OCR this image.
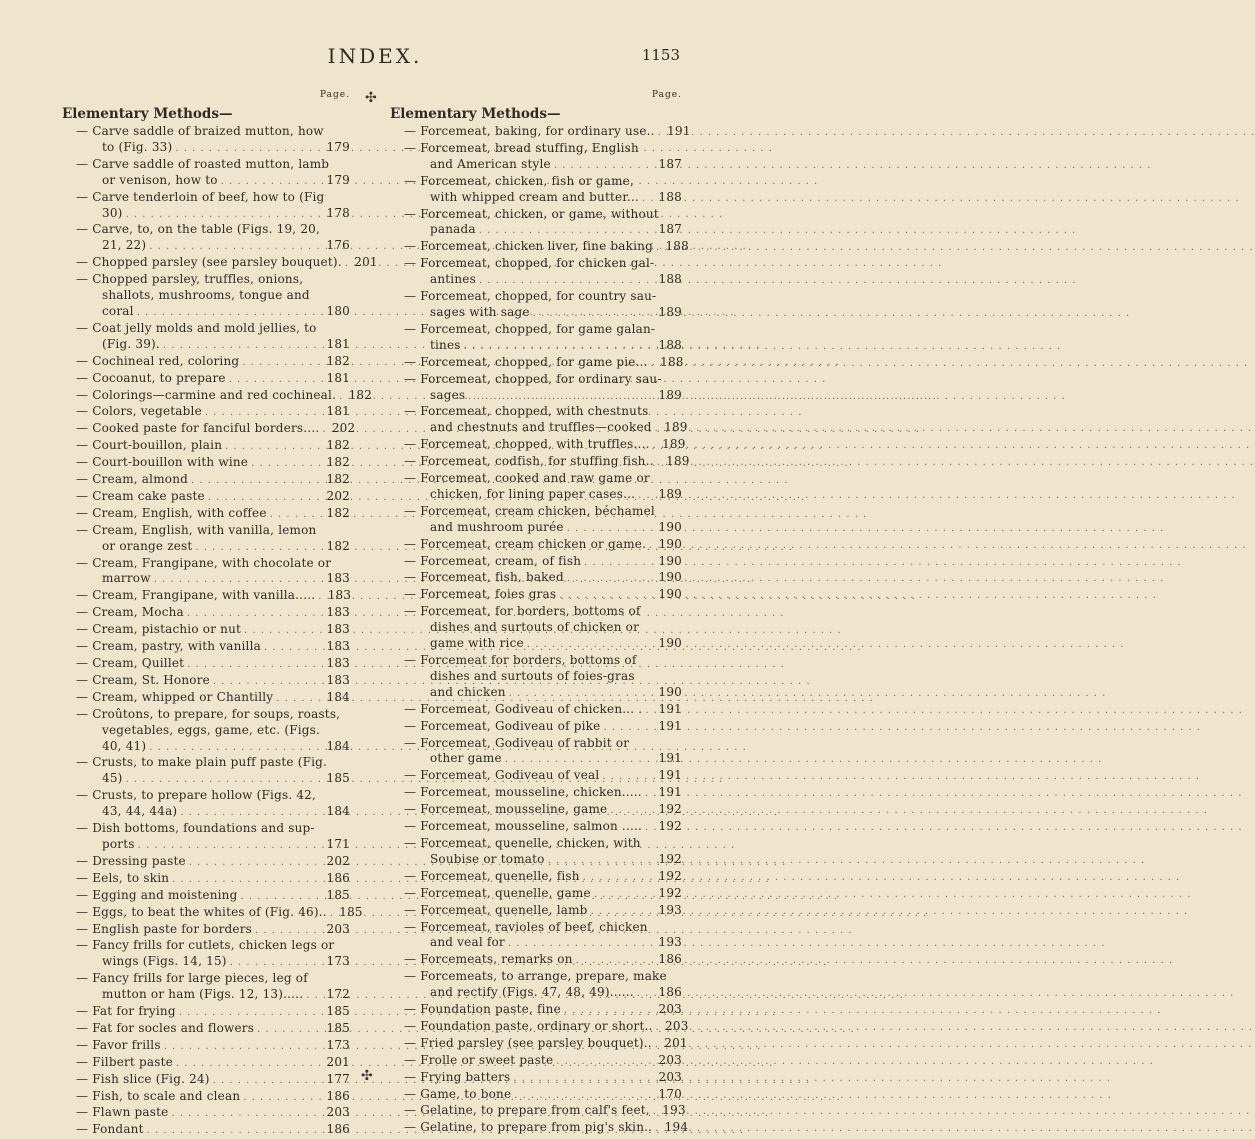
INDEX.	1153
✣
✣
Page.
Elementary Methods—
— Carve saddle of braized mutton, how
to (Fig. 33) . . .	179
— Carve saddle of roasted mutton, lamb
or venison, how to . . .	179
— Carve tenderloin of beef, how to (Fig
30) . . .	178
— Carve, to, on the table (Figs. 19, 20,
21, 22) . . .	176
— Chopped parsley (see parsley bouquet). . . . 201
— Chopped parsley, truffles, onions,
shallots, mushrooms, tongue and
coral . . .	180
— Coat jelly molds and mold jellies, to
(Fig. 39). . . .	181
— Cochineal red, coloring . . .	182
— Cocoanut, to prepare . . .	181
— Colorings—carmine and red cochineal. . . . 182
— Colors, vegetable . . .	181
— Cooked paste for fanciful borders.... . . . 202
— Court-bouillon, plain . . .	182
— Court-bouillon with wine . . .	182
— Cream, almond . . .	182
— Cream cake paste . . .	202
— Cream, English, with coffee . . .	182
— Cream, English, with vanilla, lemon
or orange zest . . .	182
— Cream, Frangipane, with chocolate or
marrow . . .	183
— Cream, Frangipane, with vanilla..... . . . 183
— Cream, Mocha . . .	183
— Cream, pistachio or nut . . .	183
— Cream, pastry, with vanilla . . .	183
— Cream, Quillet . . .	183
— Cream, St. Honore . . .	183
— Cream, whipped or Chantilly . . .	184
— Croûtons, to prepare, for soups, roasts,
vegetables, eggs, game, etc. (Figs.
40, 41) . . .	184
— Crusts, to make plain puff paste (Fig.
45) . . .	185
— Crusts, to prepare hollow (Figs. 42,
43, 44, 44a) . . .	184
— Dish bottoms, foundations and sup-
ports . . .	171
— Dressing paste . . .	202
— Eels, to skin . . .	186
— Egging and moistening . . .	185
— Eggs, to beat the whites of (Fig. 46).. . . . 185
— English paste for borders . . .	203
— Fancy frills for cutlets, chicken legs or
wings (Figs. 14, 15) . . .	173
— Fancy frills for large pieces, leg of
mutton or ham (Figs. 12, 13)..... . . . 172
— Fat for frying . . .	185
— Fat for socles and flowers . . .	185
— Favor frills . . .	173
— Filbert paste . . .	201
— Fish slice (Fig. 24) . . .	177
— Fish, to scale and clean . . .	186
— Flawn paste . . .	203
— Fondant . . .	186
Page.
Elementary Methods—
— Forcemeat, baking, for ordinary use.. . . . 191
— Forcemeat, bread stuffing, English
and American style . . .	187
— Forcemeat, chicken, fish or game,
with whipped cream and butter... . . . 188
— Forcemeat, chicken, or game, without
panada . . .	187
— Forcemeat, chicken liver, fine baking . . . 188
— Forcemeat, chopped, for chicken gal-
antines . . .	188
— Forcemeat, chopped, for country sau-
sages with sage . . .	189
— Forcemeat, chopped, for game galan-
tines . . .	188
— Forcemeat, chopped, for game pie... . . . 188
— Forcemeat, chopped, for ordinary sau-
sages . . .	189
— Forcemeat, chopped, with chestnuts
and chestnuts and truffles—cooked . . . 189
— Forcemeat, chopped, with truffles.... . . . 189
— Forcemeat, codfish, for stuffing fish.. . . . 189
— Forcemeat, cooked and raw game or
chicken, for lining paper cases... . . . 189
— Forcemeat, cream chicken, béchamel
and mushroom purée . . .	190
— Forcemeat, cream chicken or game. . . . 190
— Forcemeat, cream, of fish . . .	190
— Forcemeat, fish, baked . . .	190
— Forcemeat, foies gras . . .	190
— Forcemeat, for borders, bottoms of
dishes and surtouts of chicken or
game with rice . . .	190
— Forcemeat for borders, bottoms of
dishes and surtouts of foies-gras
and chicken . . .	190
— Forcemeat, Godiveau of chicken... . . . . 191
— Forcemeat, Godiveau of pike . . .	191
— Forcemeat, Godiveau of rabbit or
other game . . .	191
— Forcemeat, Godiveau of veal . . .	191
— Forcemeat, mousseline, chicken..... . . . 191
— Forcemeat, mousseline, game . . .	192
— Forcemeat, mousseline, salmon ..... . . . 192
— Forcemeat, quenelle, chicken, with
Soubise or tomato . . .	192
— Forcemeat, quenelle, fish . . .	192
— Forcemeat, quenelle, game . . .	192
— Forcemeat, quenelle, lamb . . .	193
— Forcemeat, ravioles of beef, chicken
and veal for . . .	193
— Forcemeats, remarks on . . .	186
— Forcemeats, to arrange, prepare, make
and rectify (Figs. 47, 48, 49)...... . . . 186
— Foundation paste, fine . . .	203
— Foundation paste, ordinary or short.. . . . 203
— Fried parsley (see parsley bouquet).. . . . 201
— Frolle or sweet paste . . .	203
— Frying batters . . .	203
— Game, to bone . . .	170
— Gelatine, to prepare from calf's feet, . . . 193
— Gelatine, to prepare from pig's skin.. . . . 194
